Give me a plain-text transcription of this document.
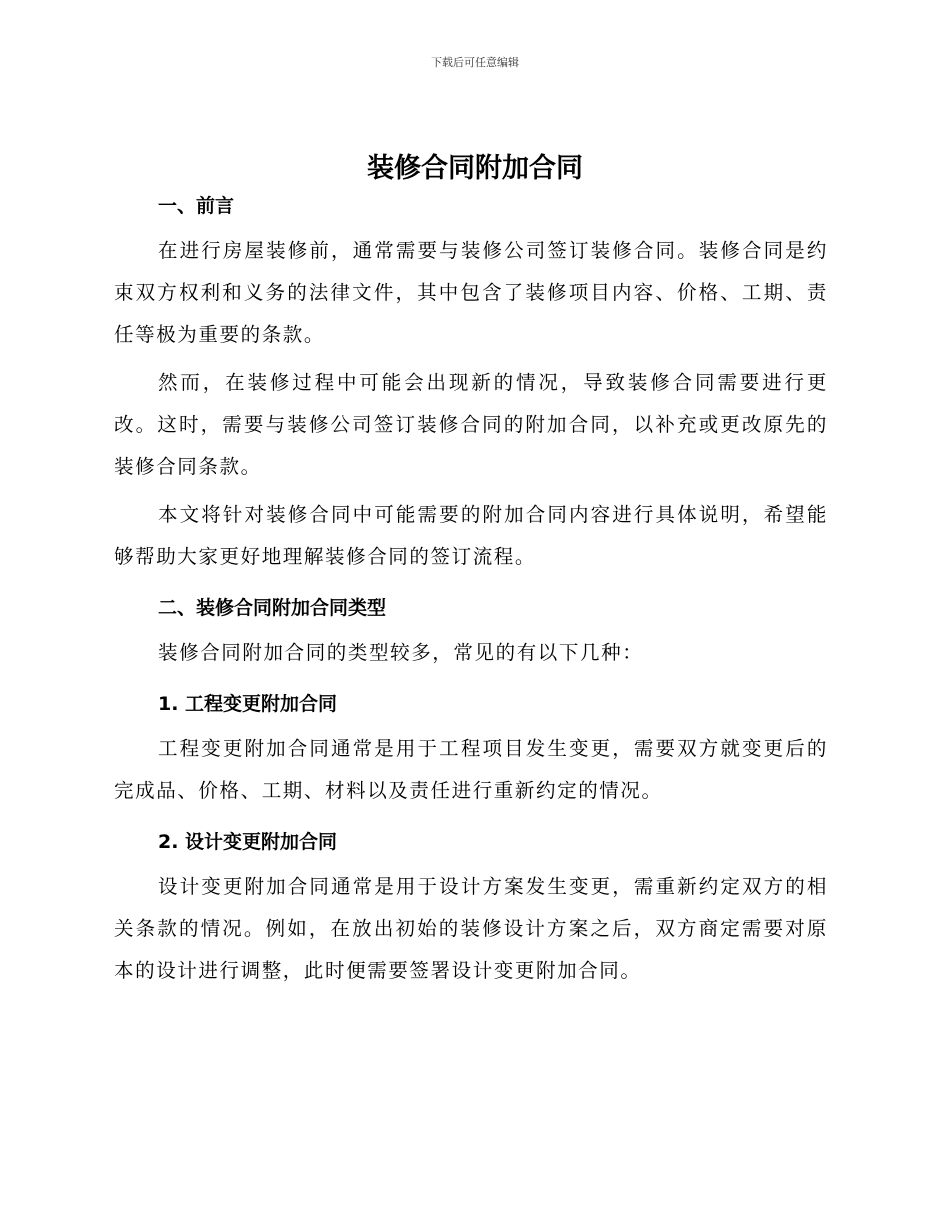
下载后可任意编辑
装修合同附加合同
一、前言

在进行房屋装修前，通常需要与装修公司签订装修合同。装修合同是约束双方权利和义务的法律文件，其中包含了装修项目内容、价格、工期、责任等极为重要的条款。

然而，在装修过程中可能会出现新的情况，导致装修合同需要进行更改。这时，需要与装修公司签订装修合同的附加合同，以补充或更改原先的装修合同条款。

本文将针对装修合同中可能需要的附加合同内容进行具体说明，希望能够帮助大家更好地理解装修合同的签订流程。

二、装修合同附加合同类型

装修合同附加合同的类型较多，常见的有以下几种：

1. 工程变更附加合同

工程变更附加合同通常是用于工程项目发生变更，需要双方就变更后的完成品、价格、工期、材料以及责任进行重新约定的情况。

2. 设计变更附加合同

设计变更附加合同通常是用于设计方案发生变更，需重新约定双方的相关条款的情况。例如，在放出初始的装修设计方案之后，双方商定需要对原本的设计进行调整，此时便需要签署设计变更附加合同。
